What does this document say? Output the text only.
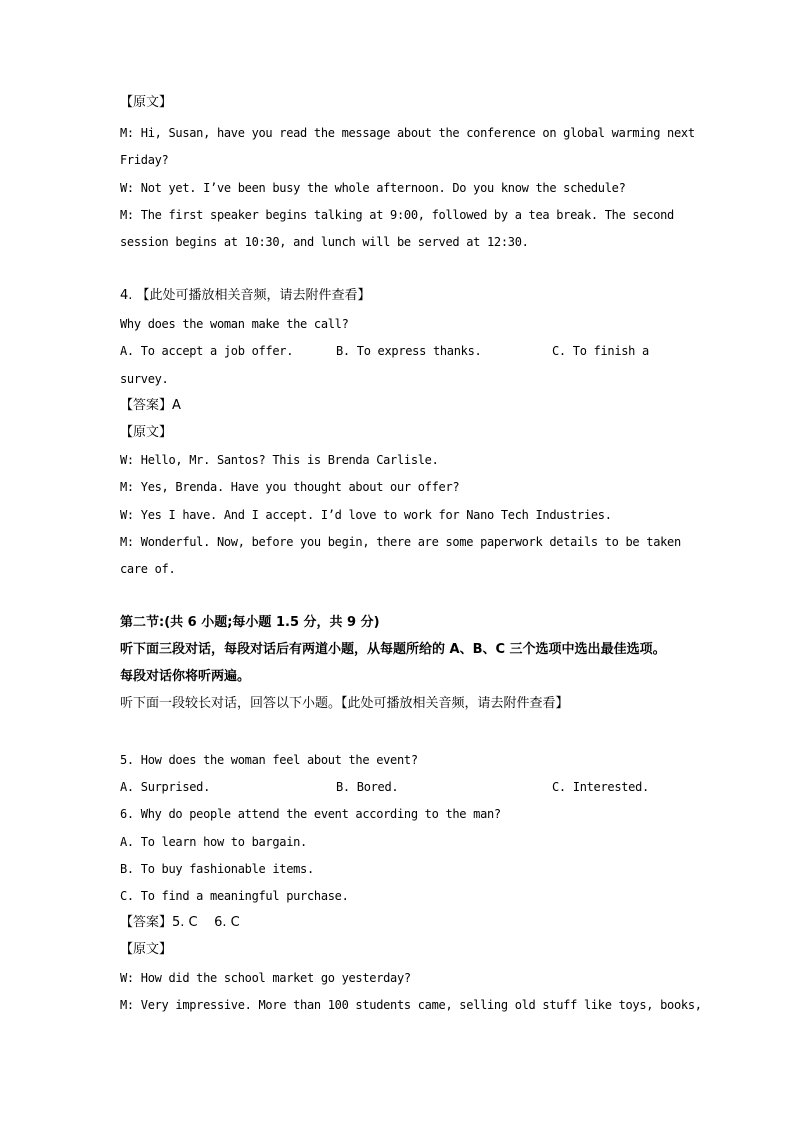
【原文】
M: Hi, Susan, have you read the message about the conference on global warming next
Friday?
W: Not yet. I’ve been busy the whole afternoon. Do you know the schedule?
M: The first speaker begins talking at 9:00, followed by a tea break. The second
session begins at 10:30, and lunch will be served at 12:30.
4. 【此处可播放相关音频，请去附件查看】
Why does the woman make the call?
A. To accept a job offer.	B. To express thanks.	C. To finish a
survey.
【答案】A
【原文】
W: Hello, Mr. Santos? This is Brenda Carlisle.
M: Yes, Brenda. Have you thought about our offer?
W: Yes I have. And I accept. I’d love to work for Nano Tech Industries.
M: Wonderful. Now, before you begin, there are some paperwork details to be taken
care of.
第二节:(共 6 小题;每小题 1.5 分，共 9 分)
听下面三段对话，每段对话后有两道小题，从每题所给的 A、B、C 三个选项中选出最佳选项。
每段对话你将听两遍。
听下面一段较长对话，回答以下小题。【此处可播放相关音频，请去附件查看】
5. How does the woman feel about the event?
A. Surprised.	B. Bored.	C. Interested.
6. Why do people attend the event according to the man?
A. To learn how to bargain.
B. To buy fashionable items.
C. To find a meaningful purchase.
【答案】5. C    6. C
【原文】
W: How did the school market go yesterday?
M: Very impressive. More than 100 students came, selling old stuff like toys, books,
